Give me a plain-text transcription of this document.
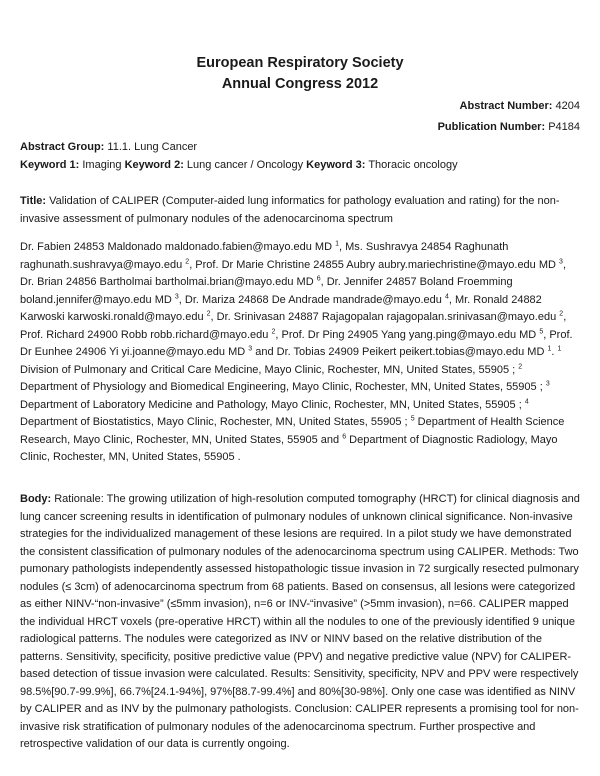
European Respiratory Society
Annual Congress 2012
Abstract Number: 4204
Publication Number: P4184
Abstract Group: 11.1. Lung Cancer
Keyword 1: Imaging Keyword 2: Lung cancer / Oncology Keyword 3: Thoracic oncology
Title: Validation of CALIPER (Computer-aided lung informatics for pathology evaluation and rating) for the non-invasive assessment of pulmonary nodules of the adenocarcinoma spectrum
Dr. Fabien 24853 Maldonado maldonado.fabien@mayo.edu MD $^1$, Ms. Sushravya 24854 Raghunath raghunath.sushravya@mayo.edu $^2$, Prof. Dr Marie Christine 24855 Aubry aubry.mariechristine@mayo.edu MD $^3$, Dr. Brian 24856 Bartholmai bartholmai.brian@mayo.edu MD $^6$, Dr. Jennifer 24857 Boland Froemming boland.jennifer@mayo.edu MD $^3$, Dr. Mariza 24868 De Andrade mandrade@mayo.edu $^4$, Mr. Ronald 24882 Karwoski karwoski.ronald@mayo.edu $^2$, Dr. Srinivasan 24887 Rajagopalan rajagopalan.srinivasan@mayo.edu $^2$, Prof. Richard 24900 Robb robb.richard@mayo.edu $^2$, Prof. Dr Ping 24905 Yang yang.ping@mayo.edu MD $^5$, Prof. Dr Eunhee 24906 Yi yi.joanne@mayo.edu MD $^3$ and Dr. Tobias 24909 Peikert peikert.tobias@mayo.edu MD $^1$. $^1$ Division of Pulmonary and Critical Care Medicine, Mayo Clinic, Rochester, MN, United States, 55905 ; $^2$ Department of Physiology and Biomedical Engineering, Mayo Clinic, Rochester, MN, United States, 55905 ; $^3$ Department of Laboratory Medicine and Pathology, Mayo Clinic, Rochester, MN, United States, 55905 ; $^4$ Department of Biostatistics, Mayo Clinic, Rochester, MN, United States, 55905 ; $^5$ Department of Health Science Research, Mayo Clinic, Rochester, MN, United States, 55905 and $^6$ Department of Diagnostic Radiology, Mayo Clinic, Rochester, MN, United States, 55905 .
Body: Rationale: The growing utilization of high-resolution computed tomography (HRCT) for clinical diagnosis and lung cancer screening results in identification of pulmonary nodules of unknown clinical significance. Non-invasive strategies for the individualized management of these lesions are required. In a pilot study we have demonstrated the consistent classification of pulmonary nodules of the adenocarcinoma spectrum using CALIPER. Methods: Two pumonary pathologists independently assessed histopathologic tissue invasion in 72 surgically resected pulmonary nodules (≤ 3cm) of adenocarcinoma spectrum from 68 patients. Based on consensus, all lesions were categorized as either NINV-“non-invasive” (≤5mm invasion), n=6 or INV-“invasive” (>5mm invasion), n=66. CALIPER mapped the individual HRCT voxels (pre-operative HRCT) within all the nodules to one of the previously identified 9 unique radiological patterns. The nodules were categorized as INV or NINV based on the relative distribution of the patterns. Sensitivity, specificity, positive predictive value (PPV) and negative predictive value (NPV) for CALIPER-based detection of tissue invasion were calculated. Results: Sensitivity, specificity, NPV and PPV were respectively 98.5%[90.7-99.9%], 66.7%[24.1-94%], 97%[88.7-99.4%] and 80%[30-98%]. Only one case was identified as NINV by CALIPER and as INV by the pulmonary pathologists. Conclusion: CALIPER represents a promising tool for non-invasive risk stratification of pulmonary nodules of the adenocarcinoma spectrum. Further prospective and retrospective validation of our data is currently ongoing.
